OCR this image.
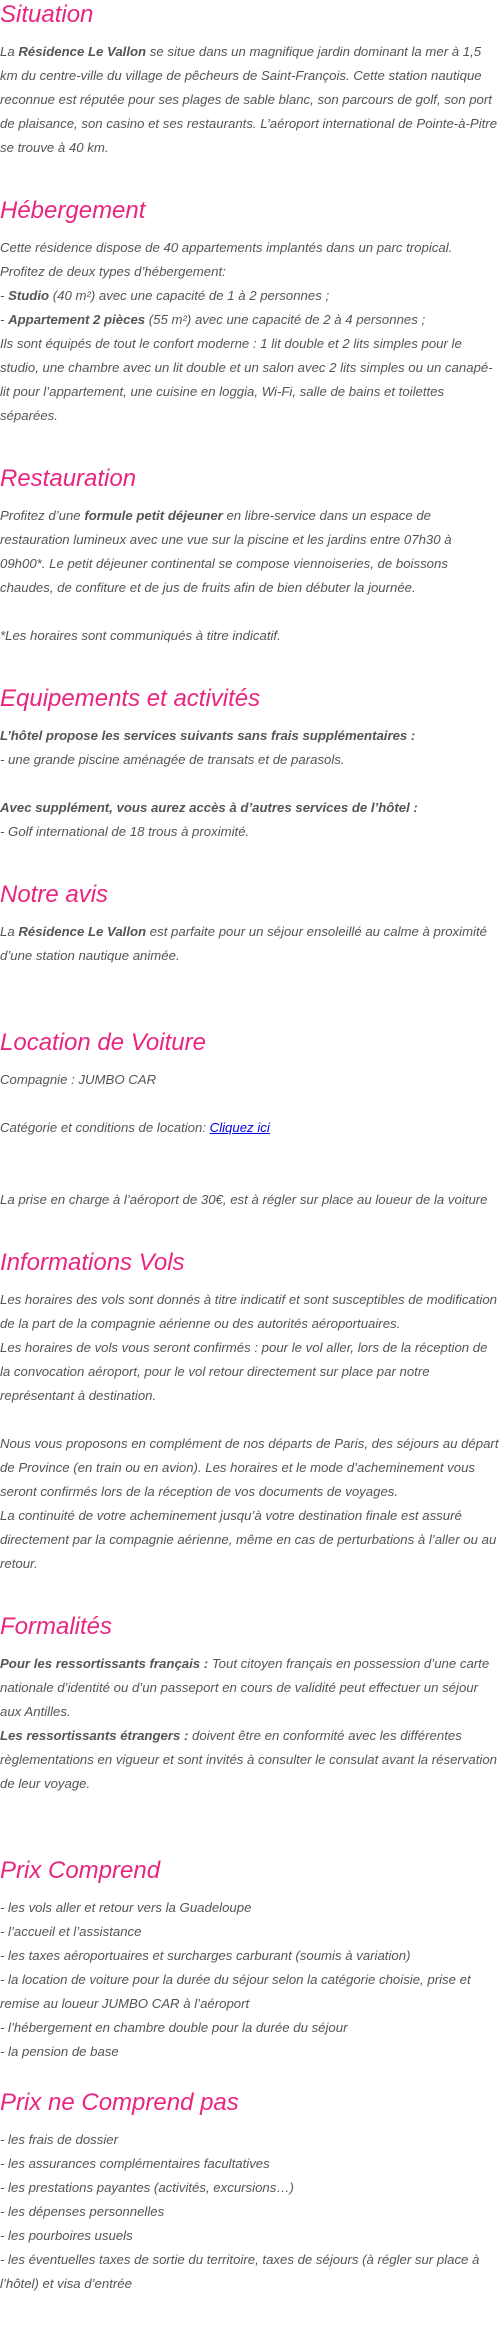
Situation

La Résidence Le Vallon se situe dans un magnifique jardin dominant la mer à 1,5 km du centre-ville du village de pêcheurs de Saint-François. Cette station nautique reconnue est réputée pour ses plages de sable blanc, son parcours de golf, son port de plaisance, son casino et ses restaurants. L’aéroport international de Pointe-à-Pitre se trouve à 40 km.

Hébergement

Cette résidence dispose de 40 appartements implantés dans un parc tropical.

Profitez de deux types d’hébergement:

- Studio (40 m²) avec une capacité de 1 à 2 personnes ;

- Appartement 2 pièces (55 m²) avec une capacité de 2 à 4 personnes ;

Ils sont équipés de tout le confort moderne : 1 lit double et 2 lits simples pour le studio, une chambre avec un lit double et un salon avec 2 lits simples ou un canapé-lit pour l’appartement, une cuisine en loggia, Wi-Fi, salle de bains et toilettes séparées.

Restauration

Profitez d’une formule petit déjeuner en libre-service dans un espace de restauration lumineux avec une vue sur la piscine et les jardins entre 07h30 à 09h00*. Le petit déjeuner continental se compose viennoiseries, de boissons chaudes, de confiture et de jus de fruits afin de bien débuter la journée.

*Les horaires sont communiqués à titre indicatif.

Equipements et activités

L’hôtel propose les services suivants sans frais supplémentaires :

- une grande piscine aménagée de transats et de parasols.

Avec supplément, vous aurez accès à d’autres services de l’hôtel :

- Golf international de 18 trous à proximité.

Notre avis

La Résidence Le Vallon est parfaite pour un séjour ensoleillé au calme à proximité d’une station nautique animée.

Location de Voiture

Compagnie : JUMBO CAR

Catégorie et conditions de location: Cliquez ici

La prise en charge à l’aéroport de 30€, est à régler sur place au loueur de la voiture

Informations Vols

Les horaires des vols sont donnés à titre indicatif et sont susceptibles de modification de la part de la compagnie aérienne ou des autorités aéroportuaires.

Les horaires de vols vous seront confirmés : pour le vol aller, lors de la réception de la convocation aéroport, pour le vol retour directement sur place par notre représentant à destination.

Nous vous proposons en complément de nos départs de Paris, des séjours au départ de Province (en train ou en avion). Les horaires et le mode d’acheminement vous seront confirmés lors de la réception de vos documents de voyages.

La continuité de votre acheminement jusqu’à votre destination finale est assuré directement par la compagnie aérienne, même en cas de perturbations à l’aller ou au retour.

Formalités

Pour les ressortissants français : Tout citoyen français en possession d’une carte nationale d’identité ou d’un passeport en cours de validité peut effectuer un séjour aux Antilles.

Les ressortissants étrangers : doivent être en conformité avec les différentes règlementations en vigueur et sont invités à consulter le consulat avant la réservation de leur voyage.

Prix Comprend

- les vols aller et retour vers la Guadeloupe

- l’accueil et l’assistance

- les taxes aéroportuaires et surcharges carburant (soumis à variation)

- la location de voiture pour la durée du séjour selon la catégorie choisie, prise et remise au loueur JUMBO CAR à l’aéroport

- l’hébergement en chambre double pour la durée du séjour

- la pension de base

Prix ne Comprend pas

- les frais de dossier

- les assurances complémentaires facultatives

- les prestations payantes (activités, excursions…)

- les dépenses personnelles

- les pourboires usuels

- les éventuelles taxes de sortie du territoire, taxes de séjours (à régler sur place à l’hôtel) et visa d’entrée
